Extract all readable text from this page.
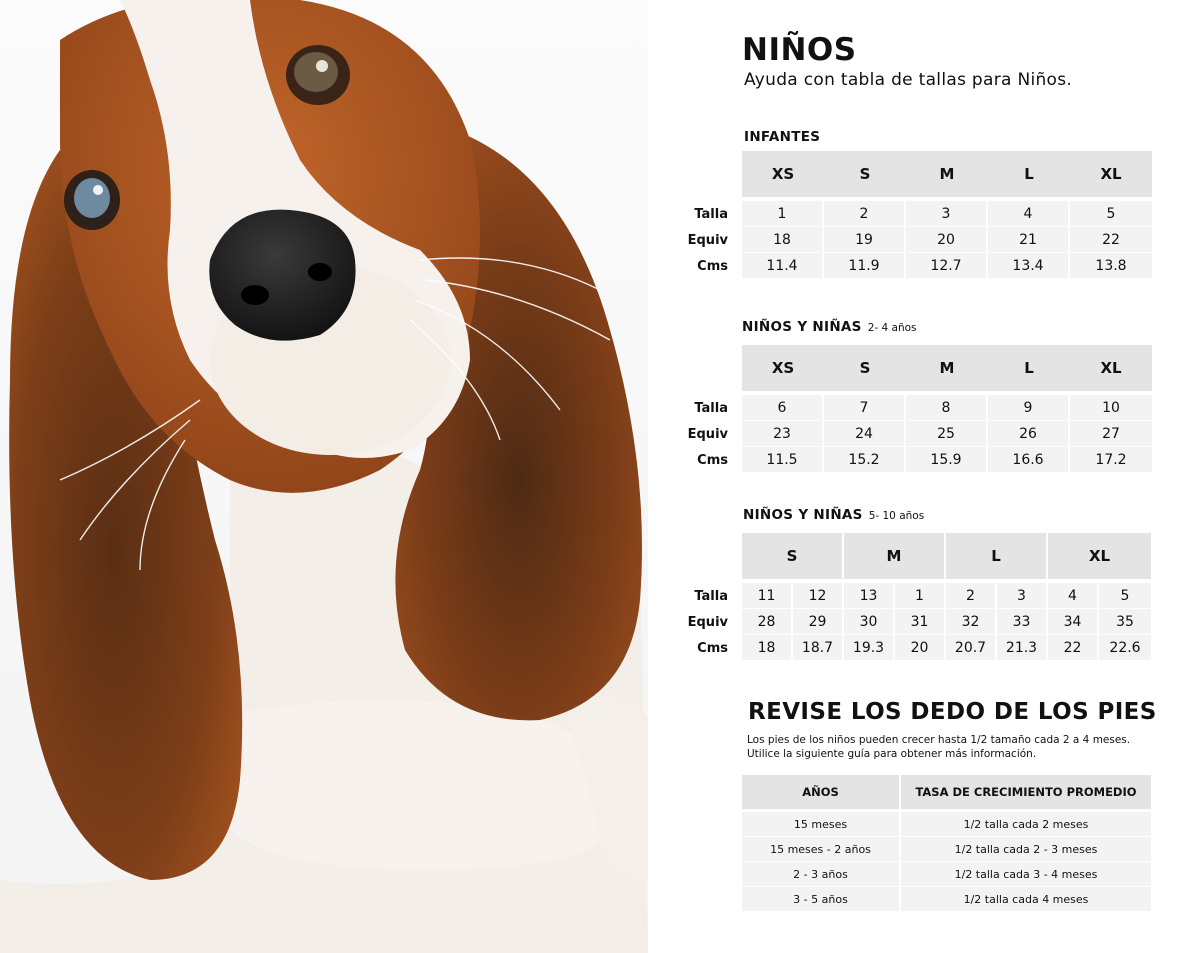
NIÑOS

Ayuda con tabla de tallas para Niños.

INFANTES

	XS	S	M	L	XL
Talla	1	2	3	4	5
Equiv	18	19	20	21	22
Cms	11.4	11.9	12.7	13.4	13.8

NIÑOS Y NIÑAS 2- 4 años

	XS	S	M	L	XL
Talla	6	7	8	9	10
Equiv	23	24	25	26	27
Cms	11.5	15.2	15.9	16.6	17.2

NIÑOS Y NIÑAS 5- 10 años

	S		M		L		XL	
Talla	11	12	13	1	2	3	4	5
Equiv	28	29	30	31	32	33	34	35
Cms	18	18.7	19.3	20	20.7	21.3	22	22.6
REVISE LOS DEDO DE LOS PIES

Los pies de los niños pueden crecer hasta 1/2 tamaño cada 2 a 4 meses.
Utilice la siguiente guía para obtener más información.

AÑOS	TASA DE CRECIMIENTO PROMEDIO
15 meses	1/2 talla cada 2 meses
15 meses - 2 años	1/2 talla cada 2 - 3 meses
2 - 3 años	1/2 talla cada 3 - 4 meses
3 - 5 años	1/2 talla cada 4 meses
